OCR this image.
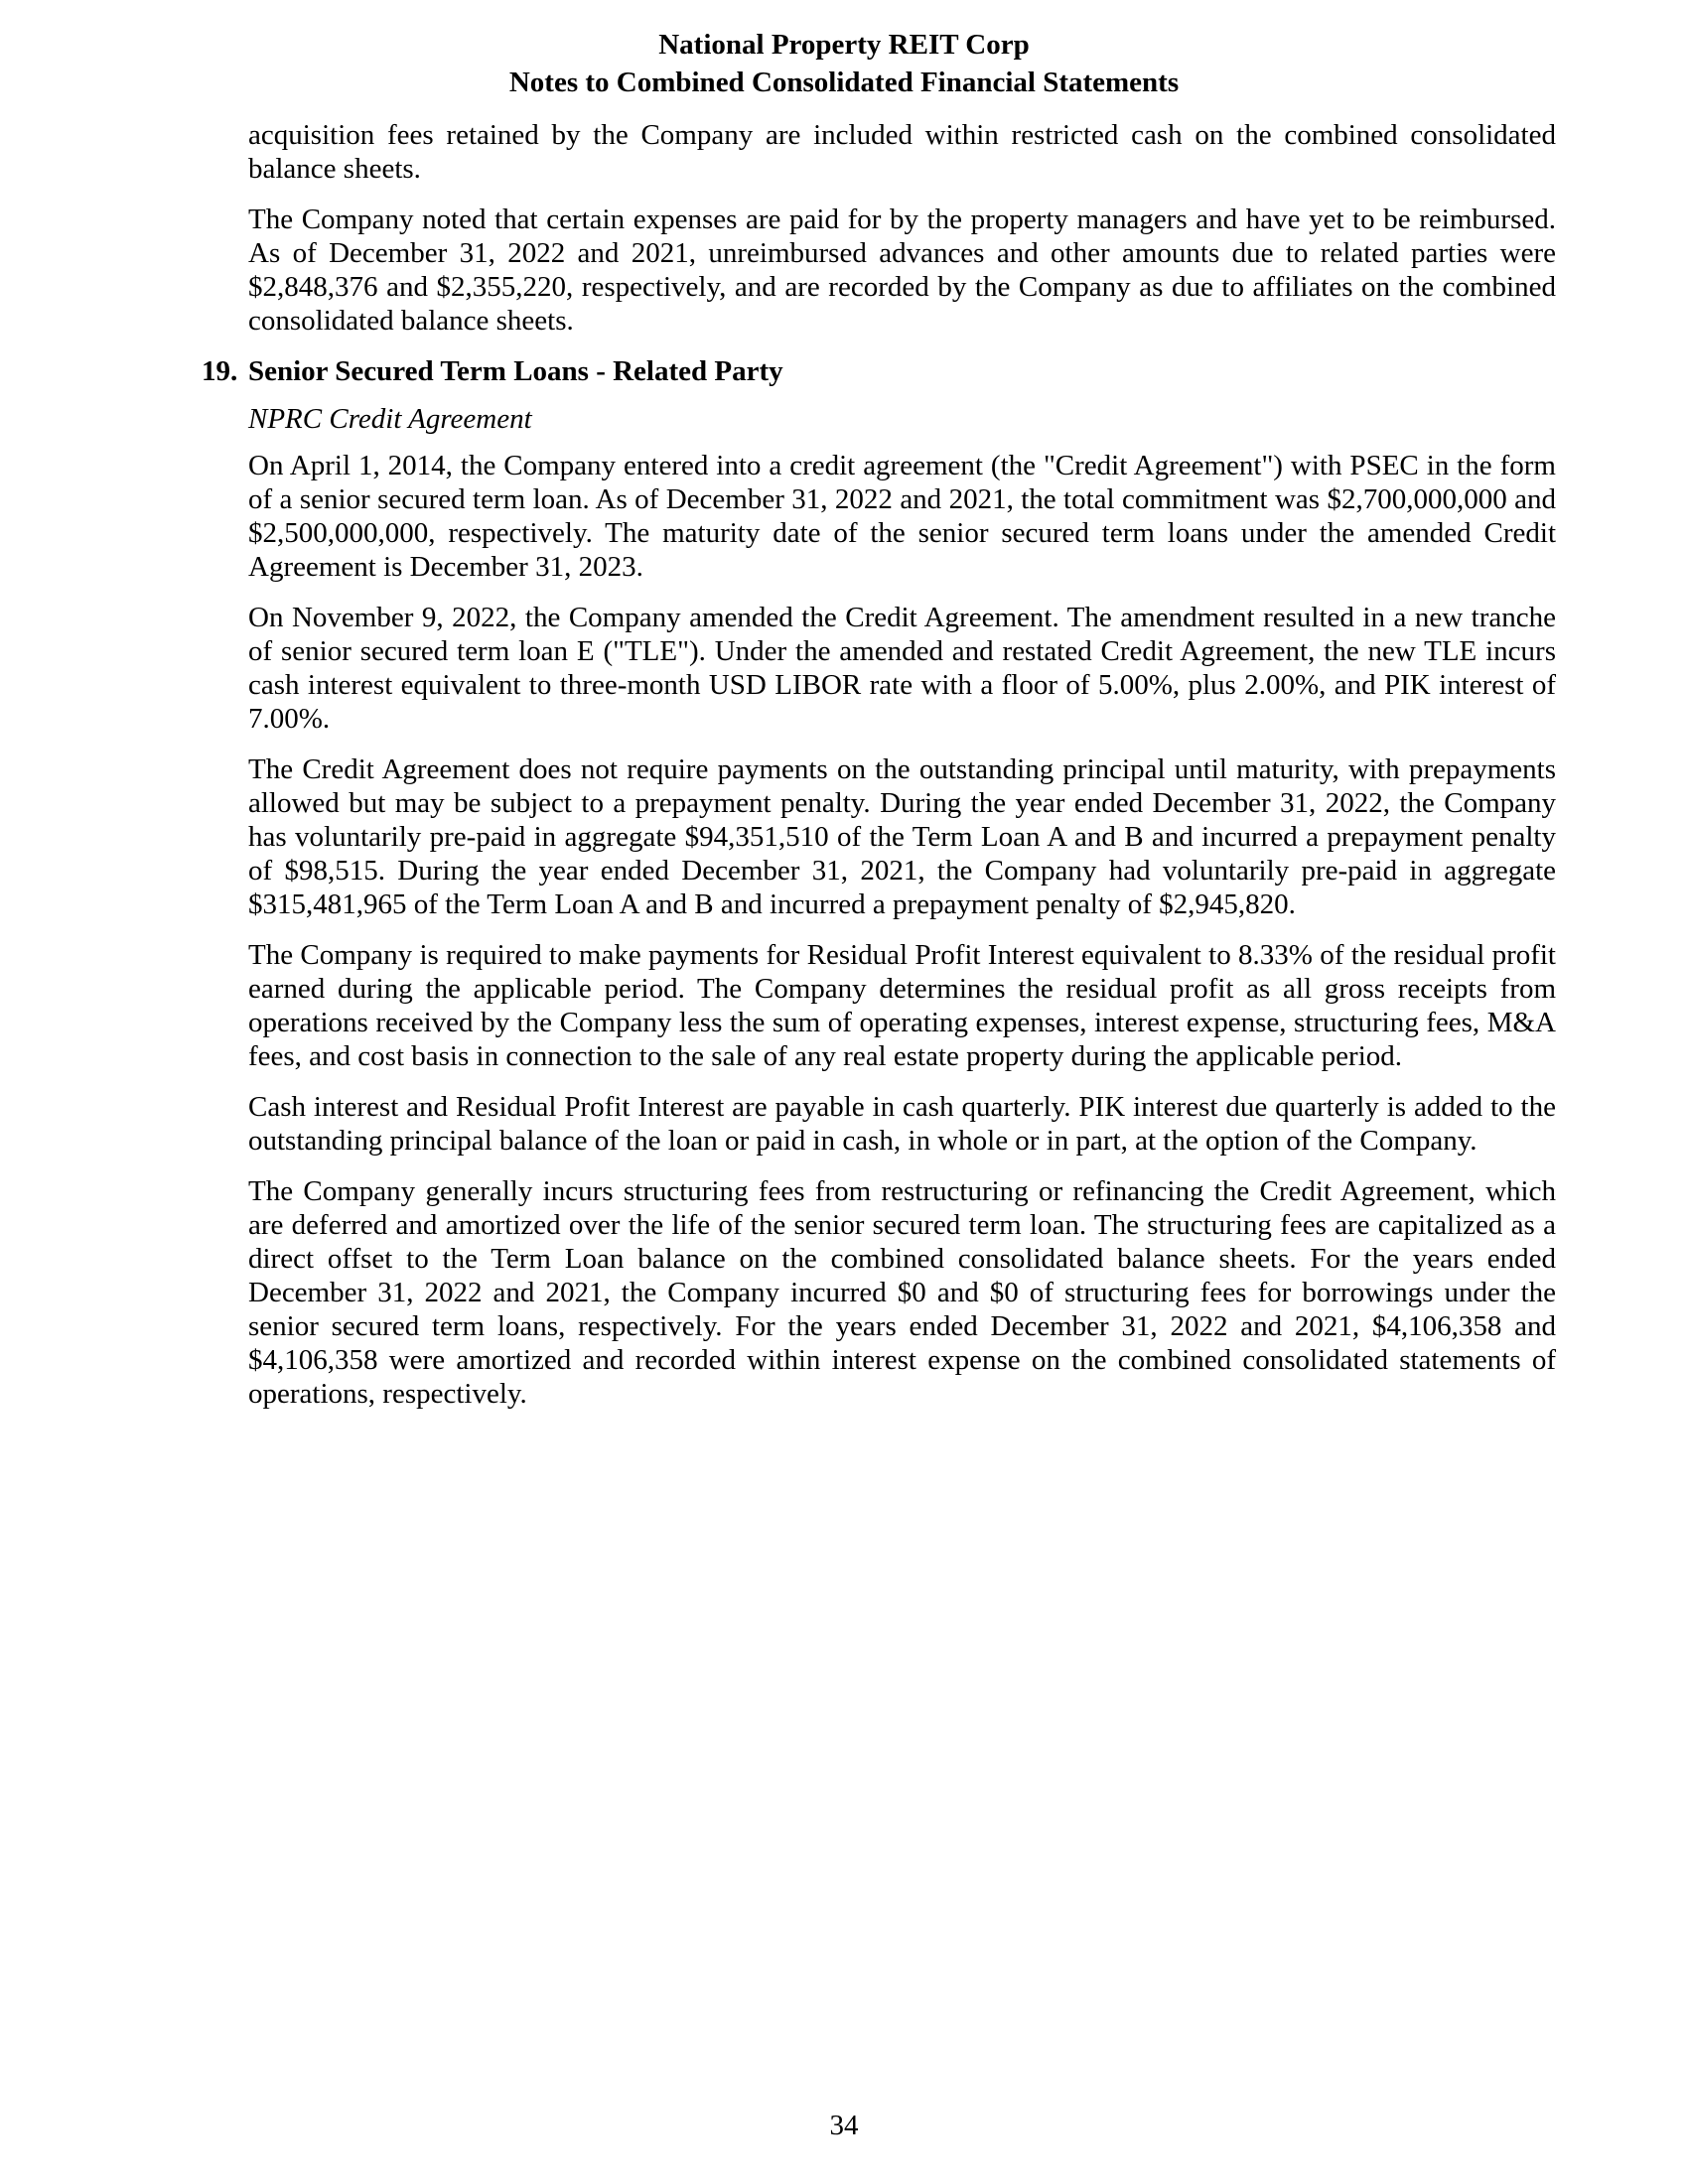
National Property REIT Corp
Notes to Combined Consolidated Financial Statements

acquisition fees retained by the Company are included within restricted cash on the combined consolidated balance sheets.

The Company noted that certain expenses are paid for by the property managers and have yet to be reimbursed. As of December 31, 2022 and 2021, unreimbursed advances and other amounts due to related parties were $2,848,376 and $2,355,220, respectively, and are recorded by the Company as due to affiliates on the combined consolidated balance sheets.

19. Senior Secured Term Loans - Related Party

NPRC Credit Agreement

On April 1, 2014, the Company entered into a credit agreement (the "Credit Agreement") with PSEC in the form of a senior secured term loan. As of December 31, 2022 and 2021, the total commitment was $2,700,000,000 and $2,500,000,000, respectively. The maturity date of the senior secured term loans under the amended Credit Agreement is December 31, 2023.

On November 9, 2022, the Company amended the Credit Agreement. The amendment resulted in a new tranche of senior secured term loan E ("TLE"). Under the amended and restated Credit Agreement, the new TLE incurs cash interest equivalent to three-month USD LIBOR rate with a floor of 5.00%, plus 2.00%, and PIK interest of 7.00%.

The Credit Agreement does not require payments on the outstanding principal until maturity, with prepayments allowed but may be subject to a prepayment penalty. During the year ended December 31, 2022, the Company has voluntarily pre-paid in aggregate $94,351,510 of the Term Loan A and B and incurred a prepayment penalty of $98,515. During the year ended December 31, 2021, the Company had voluntarily pre-paid in aggregate $315,481,965 of the Term Loan A and B and incurred a prepayment penalty of $2,945,820.

The Company is required to make payments for Residual Profit Interest equivalent to 8.33% of the residual profit earned during the applicable period. The Company determines the residual profit as all gross receipts from operations received by the Company less the sum of operating expenses, interest expense, structuring fees, M&A fees, and cost basis in connection to the sale of any real estate property during the applicable period.

Cash interest and Residual Profit Interest are payable in cash quarterly. PIK interest due quarterly is added to the outstanding principal balance of the loan or paid in cash, in whole or in part, at the option of the Company.

The Company generally incurs structuring fees from restructuring or refinancing the Credit Agreement, which are deferred and amortized over the life of the senior secured term loan. The structuring fees are capitalized as a direct offset to the Term Loan balance on the combined consolidated balance sheets. For the years ended December 31, 2022 and 2021, the Company incurred $0 and $0 of structuring fees for borrowings under the senior secured term loans, respectively. For the years ended December 31, 2022 and 2021, $4,106,358 and $4,106,358 were amortized and recorded within interest expense on the combined consolidated statements of operations, respectively.

34
